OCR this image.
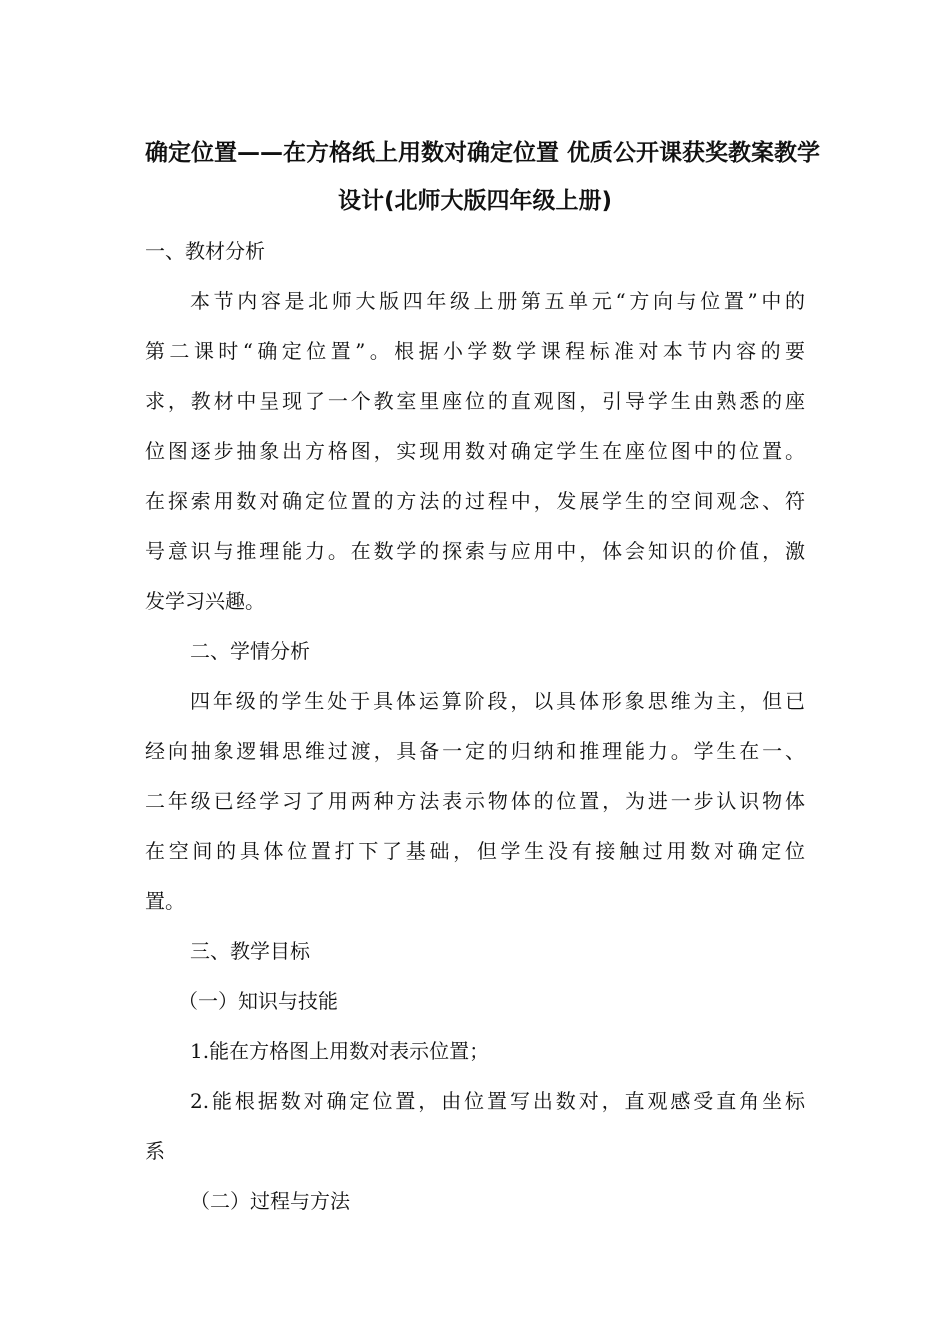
确定位置——在方格纸上用数对确定位置 优质公开课获奖教案教学
设计(北师大版四年级上册)
一、教材分析
本节内容是北师大版四年级上册第五单元“方向与位置”中的
第二课时“确定位置”。根据小学数学课程标准对本节内容的要
求，教材中呈现了一个教室里座位的直观图，引导学生由熟悉的座
位图逐步抽象出方格图，实现用数对确定学生在座位图中的位置。
在探索用数对确定位置的方法的过程中，发展学生的空间观念、符
号意识与推理能力。在数学的探索与应用中，体会知识的价值，激
发学习兴趣。
二、学情分析
四年级的学生处于具体运算阶段，以具体形象思维为主，但已
经向抽象逻辑思维过渡，具备一定的归纳和推理能力。学生在一、
二年级已经学习了用两种方法表示物体的位置，为进一步认识物体
在空间的具体位置打下了基础，但学生没有接触过用数对确定位
置。
三、教学目标
（一）知识与技能
1.能在方格图上用数对表示位置；
2.能根据数对确定位置，由位置写出数对，直观感受直角坐标
系
（二）过程与方法
